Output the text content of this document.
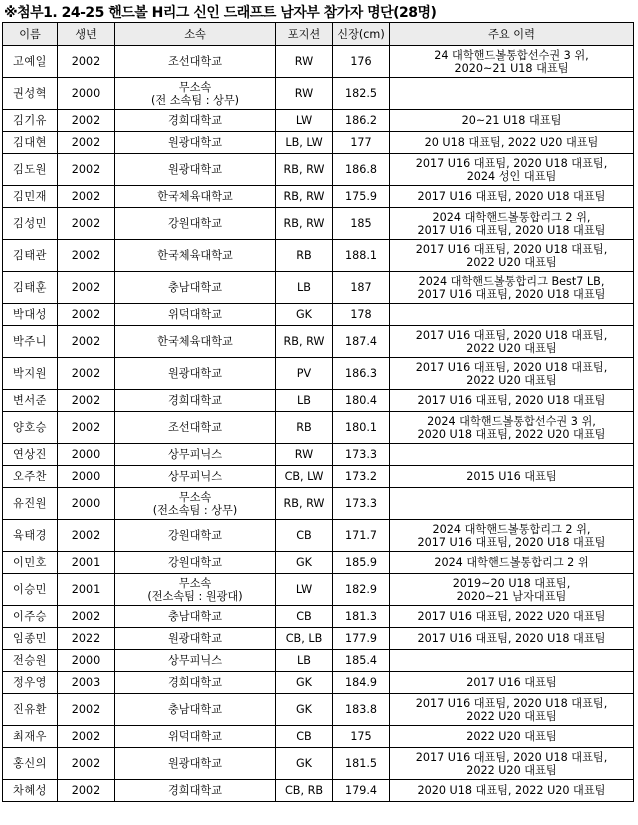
※첨부1. 24-25 핸드볼 H리그 신인 드래프트 남자부 참가자 명단(28명)
이름	생년	소속	포지션	신장(cm)	주요 이력
고예일	2002	조선대학교	RW	176	24 대학핸드볼통합선수권 3 위,
2020~21 U18 대표팀

권성혁	2000	무소속
(전 소속팀 : 상무)	RW	182.5	
김기유	2002	경희대학교	LW	186.2	20~21 U18 대표팀

김대현	2002	원광대학교	LB, LW	177	20 U18 대표팀, 2022 U20 대표팀

김도원	2002	원광대학교	RB, RW	186.8	2017 U16 대표팀, 2020 U18 대표팀,
2024 성인 대표팀

김민재	2002	한국체육대학교	RB, RW	175.9	2017 U16 대표팀, 2020 U18 대표팀

김성민	2002	강원대학교	RB, RW	185	2024 대학핸드볼통합리그 2 위,
2017 U16 대표팀, 2020 U18 대표팀

김태관	2002	한국체육대학교	RB	188.1	2017 U16 대표팀, 2020 U18 대표팀,
2022 U20 대표팀

김태훈	2002	충남대학교	LB	187	2024 대학핸드볼통합리그 Best7 LB,
2017 U16 대표팀, 2020 U18 대표팀

박대성	2002	위덕대학교	GK	178	
박주니	2002	한국체육대학교	RB, RW	187.4	2017 U16 대표팀, 2020 U18 대표팀,
2022 U20 대표팀

박지원	2002	원광대학교	PV	186.3	2017 U16 대표팀, 2020 U18 대표팀,
2022 U20 대표팀

변서준	2002	경희대학교	LB	180.4	2017 U16 대표팀, 2020 U18 대표팀

양호승	2002	조선대학교	RB	180.1	2024 대학핸드볼통합선수권 3 위,
2020 U18 대표팀, 2022 U20 대표팀

연상진	2000	상무피닉스	RW	173.3	
오주찬	2000	상무피닉스	CB, LW	173.2	2015 U16 대표팀

유진원	2000	무소속
(전소속팀 : 상무)	RB, RW	173.3	
육태경	2002	강원대학교	CB	171.7	2024 대학핸드볼통합리그 2 위,
2017 U16 대표팀, 2020 U18 대표팀

이민호	2001	강원대학교	GK	185.9	2024 대학핸드볼통합리그 2 위

이승민	2001	무소속
(전소속팀 : 원광대)	LW	182.9	2019~20 U18 대표팀,
2020~21 남자대표팀

이주승	2002	충남대학교	CB	181.3	2017 U16 대표팀, 2022 U20 대표팀

임종민	2022	원광대학교	CB, LB	177.9	2017 U16 대표팀, 2020 U18 대표팀

전승원	2000	상무피닉스	LB	185.4	
정우영	2003	경희대학교	GK	184.9	2017 U16 대표팀

진유환	2002	충남대학교	GK	183.8	2017 U16 대표팀, 2020 U18 대표팀,
2022 U20 대표팀

최재우	2002	위덕대학교	CB	175	2022 U20 대표팀

홍신의	2002	원광대학교	GK	181.5	2017 U16 대표팀, 2020 U18 대표팀,
2022 U20 대표팀

차혜성	2002	경희대학교	CB, RB	179.4	2020 U18 대표팀, 2022 U20 대표팀
